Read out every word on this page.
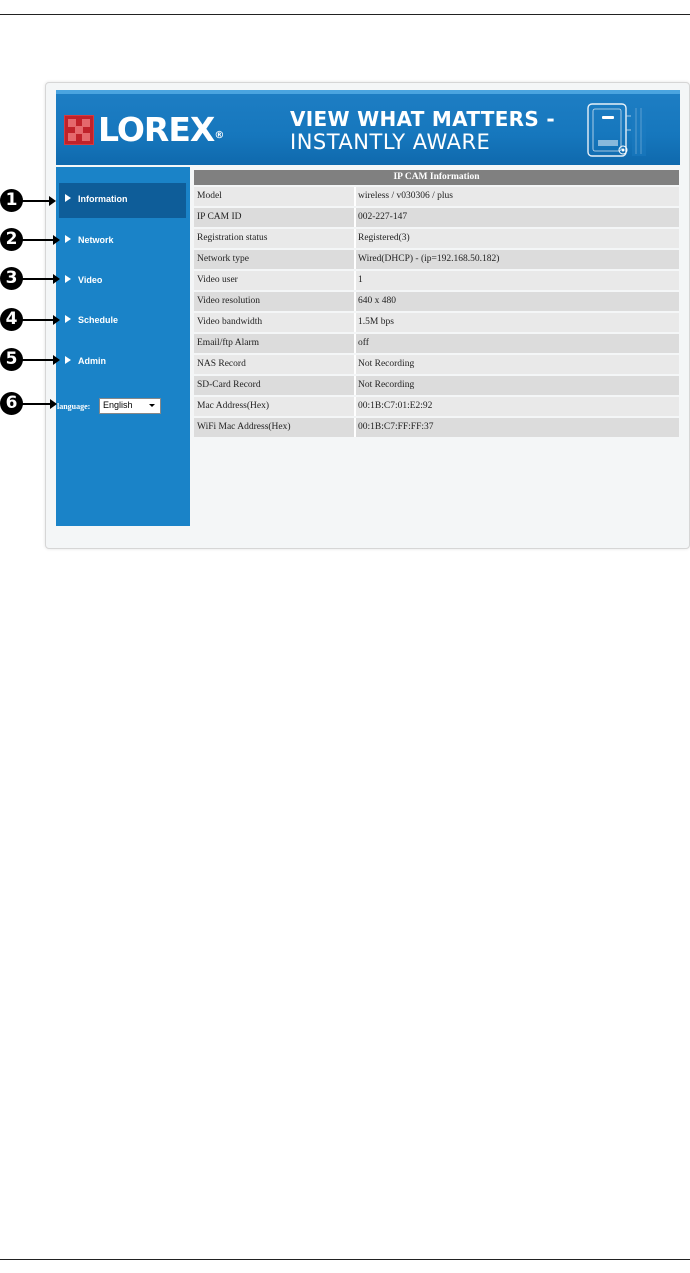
LOREX®
VIEW WHAT MATTERS -
INSTANTLY AWARE
Information
Network
Video
Schedule
Admin
language: English
1
2
3
4
5
6
IP CAM Information
Model	wireless / v030306 / plus
IP CAM ID	002-227-147
Registration status	Registered(3)
Network type	Wired(DHCP) - (ip=192.168.50.182)
Video user	1
Video resolution	640 x 480
Video bandwidth	1.5M bps
Email/ftp Alarm	off
NAS Record	Not Recording
SD-Card Record	Not Recording
Mac Address(Hex)	00:1B:C7:01:E2:92
WiFi Mac Address(Hex)	00:1B:C7:FF:FF:37
